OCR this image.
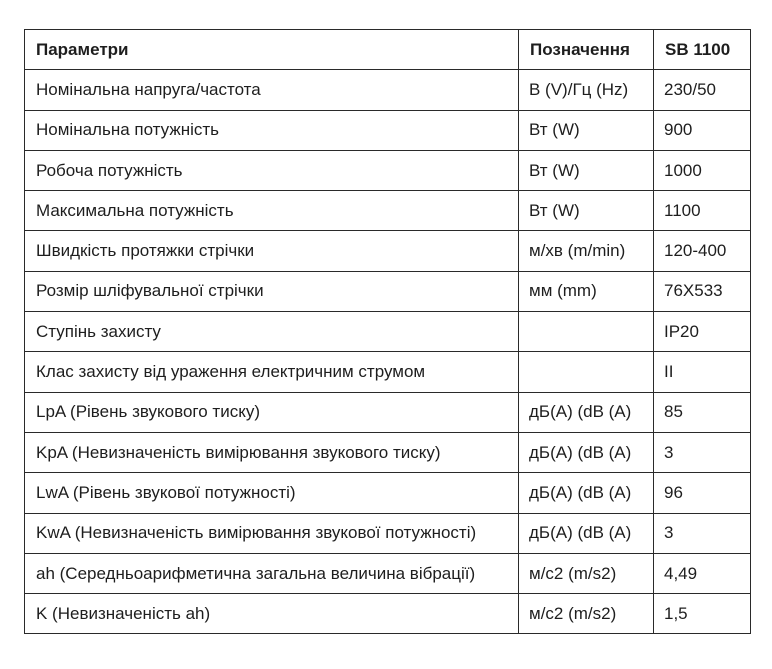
Параметри	Позначення	SB 1100
Номінальна напруга/частота	В (V)/Гц (Hz)	230/50
Номінальна потужність	Вт (W)	900
Робоча потужність	Вт (W)	1000
Максимальна потужність	Вт (W)	1100
Швидкість протяжки стрічки	м/хв (m/min)	120-400
Розмір шліфувальної стрічки	мм (mm)	76X533
Ступінь захисту		IP20
Клас захисту від ураження електричним струмом		II
LpA (Рівень звукового тиску)	дБ(А) (dB (A)	85
KpA (Невизначеність вимірювання звукового тиску)	дБ(А) (dB (A)	3
LwA (Рівень звукової потужності)	дБ(А) (dB (A)	96
KwA (Невизначеність вимірювання звукової потужності)	дБ(А) (dB (A)	3
ah (Середньоарифметична загальна величина вібрації)	м/с2 (m/s2)	4,49
K (Невизначеність ah)	м/с2 (m/s2)	1,5
